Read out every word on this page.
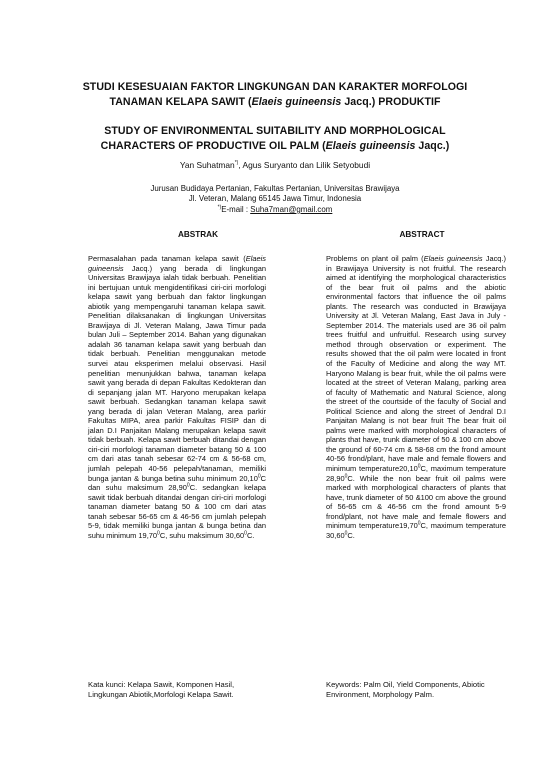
STUDI KESESUAIAN FAKTOR LINGKUNGAN DAN KARAKTER MORFOLOGI
TANAMAN KELAPA SAWIT (Elaeis guineensis Jacq.) PRODUKTIF
STUDY OF ENVIRONMENTAL SUITABILITY AND MORPHOLOGICAL
CHARACTERS OF PRODUCTIVE OIL PALM (Elaeis guineensis Jaqc.)
Yan Suhatman*), Agus Suryanto dan Lilik Setyobudi
Jurusan Budidaya Pertanian, Fakultas Pertanian, Universitas Brawijaya
Jl. Veteran, Malang 65145 Jawa Timur, Indonesia
*)E-mail : Suha7man@gmail.com
ABSTRAK	ABSTRACT
Permasalahan pada tanaman kelapa sawit (Elaeis guineensis Jacq.) yang berada di lingkungan Universitas Brawijaya ialah tidak berbuah. Penelitian ini bertujuan untuk mengidentifikasi ciri-ciri morfologi kelapa sawit yang berbuah dan faktor lingkungan abiotik yang mempengaruhi tanaman kelapa sawit. Penelitian dilaksanakan di lingkungan Universitas Brawijaya di Jl. Veteran Malang, Jawa Timur pada bulan Juli – September 2014. Bahan yang digunakan adalah 36 tanaman kelapa sawit yang berbuah dan tidak berbuah. Penelitian menggunakan metode survei atau eksperimen melalui observasi. Hasil penelitian menunjukkan bahwa, tanaman kelapa sawit yang berada di depan Fakultas Kedokteran dan di sepanjang jalan MT. Haryono merupakan kelapa sawit berbuah. Sedangkan tanaman kelapa sawit yang berada di jalan Veteran Malang, area parkir Fakultas MIPA, area parkir Fakultas FISIP dan di jalan D.I Panjaitan Malang merupakan kelapa sawit tidak berbuah. Kelapa sawit berbuah ditandai dengan ciri-ciri morfologi tanaman diameter batang 50 & 100 cm dari atas tanah sebesar 62-74 cm & 56-68 cm, jumlah pelepah 40-56 pelepah/tanaman, memiliki bunga jantan & bunga betina suhu minimum 20,10$^0$C dan suhu maksimum 28,90$^0$C. sedangkan kelapa sawit tidak berbuah ditandai dengan ciri-ciri morfologi tanaman diameter batang 50 & 100 cm dari atas tanah sebesar 56-65 cm & 46-56 cm jumlah pelepah 5-9, tidak memiliki bunga jantan & bunga betina dan suhu minimum 19,70$^0$C, suhu maksimum 30,60$^0$C.
Problems on plant oil palm (Elaeis guineensis Jacq.) in Brawijaya University is not fruitful. The research aimed at identifying the morphological characteristics of the bear fruit oil palms and the abiotic environmental factors that influence the oil palms plants. The research was conducted in Brawijaya University at Jl. Veteran Malang, East Java in July - September 2014. The materials used are 36 oil palm trees fruitful and unfruitful. Research using survey method through observation or experiment. The results showed that the oil palm were located in front of the Faculty of Medicine and along the way MT. Haryono Malang is bear fruit, while the oil palms were located at the street of Veteran Malang, parking area of faculty of Mathematic and Natural Science, along the street of the courtside of the faculty of Social and Political Science and along the street of Jendral D.I Panjaitan Malang is not bear fruit The bear fruit oil palms were marked with morphological characters of plants that have, trunk diameter of 50 & 100 cm above the ground of 60-74 cm & 58-68 cm the frond amount 40-56 frond/plant, have male and female flowers and minimum temperature20,10$^0$C, maximum temperature 28,90$^0$C. While the non bear fruit oil palms were marked with morphological characters of plants that have, trunk diameter of 50 &100 cm above the ground of 56-65 cm & 46-56 cm the frond amount 5-9 frond/plant, not have male and female flowers and minimum temperature19,70$^0$C, maximum temperature 30,60$^0$C.
Kata kunci: Kelapa Sawit, Komponen Hasil, Lingkungan Abiotik,Morfologi Kelapa Sawit.
Keywords: Palm Oil, Yield Components, Abiotic Environment, Morphology Palm.
